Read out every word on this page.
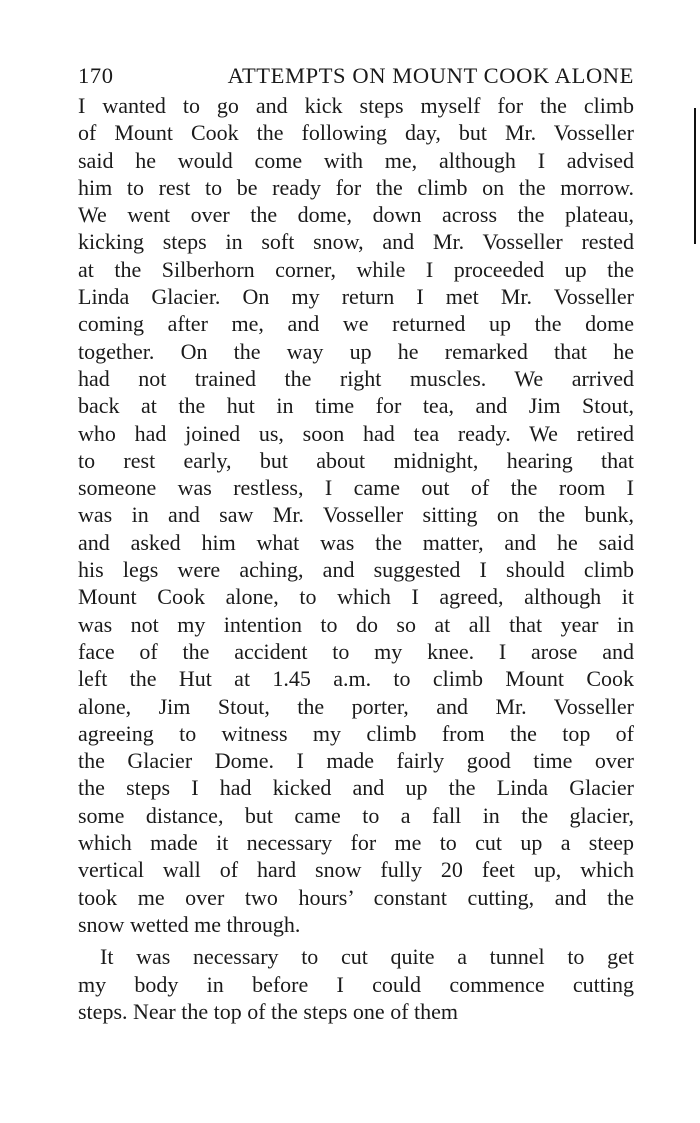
170	ATTEMPTS ON MOUNT COOK ALONE
I wanted to go and kick steps myself for the climb
of Mount Cook the following day, but Mr. Vosseller
said he would come with me, although I advised
him to rest to be ready for the climb on the morrow.
We went over the dome, down across the plateau,
kicking steps in soft snow, and Mr. Vosseller rested
at the Silberhorn corner, while I proceeded up the
Linda Glacier. On my return I met Mr. Vosseller
coming after me, and we returned up the dome
together. On the way up he remarked that he
had not trained the right muscles. We arrived
back at the hut in time for tea, and Jim Stout,
who had joined us, soon had tea ready. We retired
to rest early, but about midnight, hearing that
someone was restless, I came out of the room I
was in and saw Mr. Vosseller sitting on the bunk,
and asked him what was the matter, and he said
his legs were aching, and suggested I should climb
Mount Cook alone, to which I agreed, although it
was not my intention to do so at all that year in
face of the accident to my knee. I arose and
left the Hut at 1.45 a.m. to climb Mount Cook
alone, Jim Stout, the porter, and Mr. Vosseller
agreeing to witness my climb from the top of
the Glacier Dome. I made fairly good time over
the steps I had kicked and up the Linda Glacier
some distance, but came to a fall in the glacier,
which made it necessary for me to cut up a steep
vertical wall of hard snow fully 20 feet up, which
took me over two hours’ constant cutting, and the
snow wetted me through.
It was necessary to cut quite a tunnel to get
my body in before I could commence cutting
steps. Near the top of the steps one of them
